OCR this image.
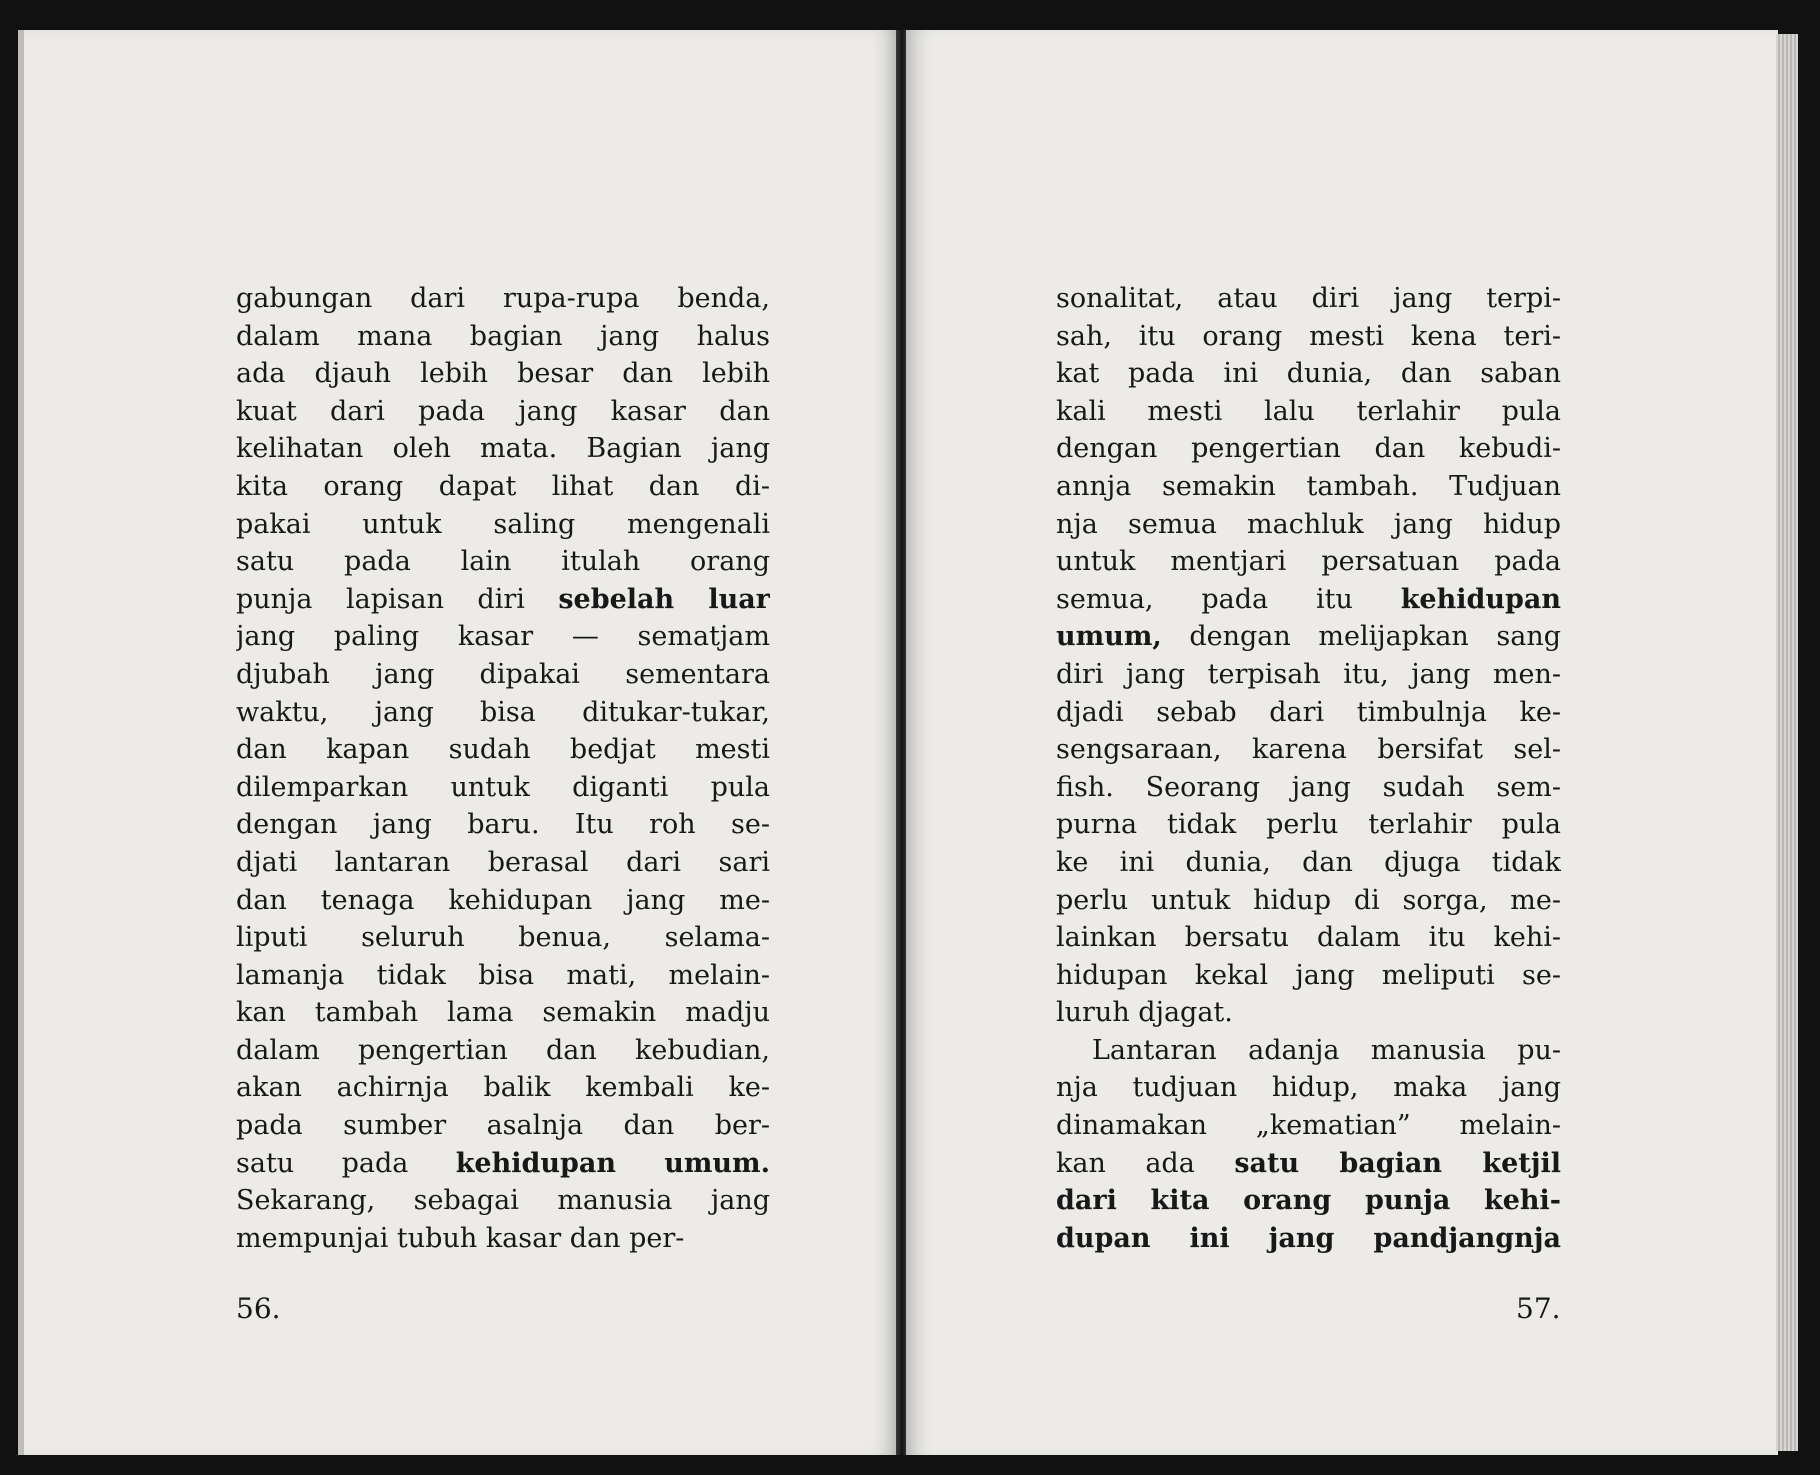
gabungan dari rupa-rupa benda,
dalam mana bagian jang halus
ada djauh lebih besar dan lebih
kuat dari pada jang kasar dan
kelihatan oleh mata. Bagian jang
kita orang dapat lihat dan di-
pakai untuk saling mengenali
satu pada lain itulah orang
punja lapisan diri sebelah luar
jang paling kasar — sematjam
djubah jang dipakai sementara
waktu, jang bisa ditukar-tukar,
dan kapan sudah bedjat mesti
dilemparkan untuk diganti pula
dengan jang baru. Itu roh se-
djati lantaran berasal dari sari
dan tenaga kehidupan jang me-
liputi seluruh benua, selama-
lamanja tidak bisa mati, melain-
kan tambah lama semakin madju
dalam pengertian dan kebudian,
akan achirnja balik kembali ke-
pada sumber asalnja dan ber-
satu pada kehidupan umum.
Sekarang, sebagai manusia jang
mempunjai tubuh kasar dan per-
56.
sonalitat, atau diri jang terpi-
sah, itu orang mesti kena teri-
kat pada ini dunia, dan saban
kali mesti lalu terlahir pula
dengan pengertian dan kebudi-
annja semakin tambah. Tudjuan
nja semua machluk jang hidup
untuk mentjari persatuan pada
semua, pada itu kehidupan
umum, dengan melijapkan sang
diri jang terpisah itu, jang men-
djadi sebab dari timbulnja ke-
sengsaraan, karena bersifat sel-
fish. Seorang jang sudah sem-
purna tidak perlu terlahir pula
ke ini dunia, dan djuga tidak
perlu untuk hidup di sorga, me-
lainkan bersatu dalam itu kehi-
hidupan kekal jang meliputi se-
luruh djagat.
Lantaran adanja manusia pu-
nja tudjuan hidup, maka jang
dinamakan „kematian” melain-
kan ada satu bagian ketjil
dari kita orang punja kehi-
dupan ini jang pandjangnja
57.
